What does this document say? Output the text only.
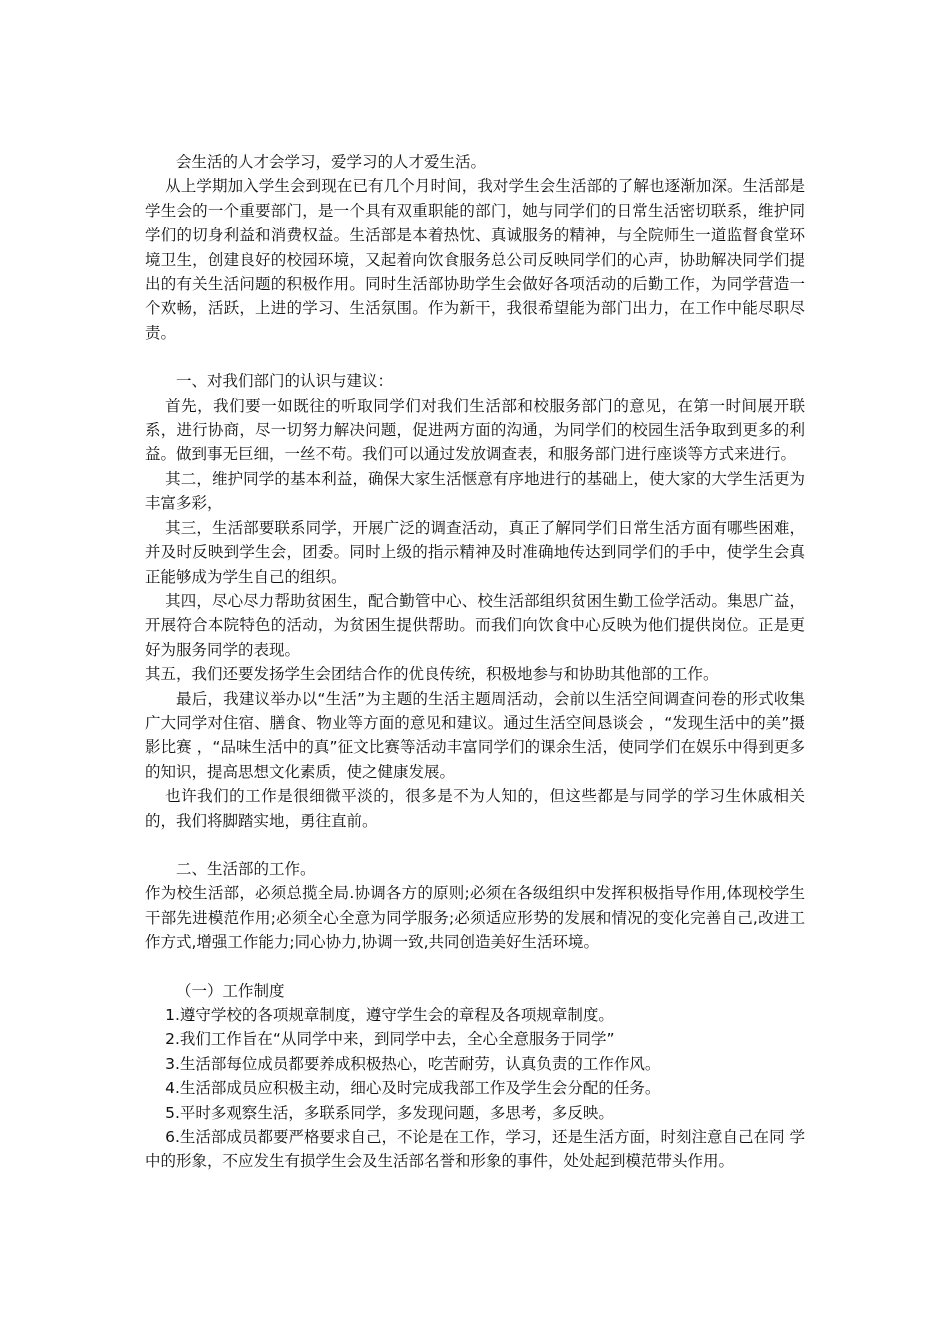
会生活的人才会学习，爱学习的人才爱生活。

从上学期加入学生会到现在已有几个月时间，我对学生会生活部的了解也逐渐加深。生活部是学生会的一个重要部门，是一个具有双重职能的部门，她与同学们的日常生活密切联系，维护同学们的切身利益和消费权益。生活部是本着热忱、真诚服务的精神，与全院师生一道监督食堂环境卫生，创建良好的校园环境，又起着向饮食服务总公司反映同学们的心声，协助解决同学们提出的有关生活问题的积极作用。同时生活部协助学生会做好各项活动的后勤工作，为同学营造一个欢畅，活跃，上进的学习、生活氛围。作为新干，我很希望能为部门出力，在工作中能尽职尽责。

一、对我们部门的认识与建议：

首先，我们要一如既往的听取同学们对我们生活部和校服务部门的意见，在第一时间展开联系，进行协商，尽一切努力解决问题，促进两方面的沟通，为同学们的校园生活争取到更多的利益。做到事无巨细，一丝不苟。我们可以通过发放调查表，和服务部门进行座谈等方式来进行。

其二，维护同学的基本利益，确保大家生活惬意有序地进行的基础上，使大家的大学生活更为丰富多彩，

其三，生活部要联系同学，开展广泛的调查活动，真正了解同学们日常生活方面有哪些困难，并及时反映到学生会，团委。同时上级的指示精神及时准确地传达到同学们的手中，使学生会真正能够成为学生自己的组织。

其四，尽心尽力帮助贫困生，配合勤管中心、校生活部组织贫困生勤工俭学活动。集思广益，开展符合本院特色的活动，为贫困生提供帮助。而我们向饮食中心反映为他们提供岗位。正是更好为服务同学的表现。

其五，我们还要发扬学生会团结合作的优良传统，积极地参与和协助其他部的工作。

最后，我建议举办以“生活”为主题的生活主题周活动，会前以生活空间调查问卷的形式收集广大同学对住宿、膳食、物业等方面的意见和建议。通过生活空间恳谈会 ，“发现生活中的美”摄影比赛 ，“品味生活中的真”征文比赛等活动丰富同学们的课余生活，使同学们在娱乐中得到更多的知识，提高思想文化素质，使之健康发展。

也许我们的工作是很细微平淡的，很多是不为人知的，但这些都是与同学的学习生休戚相关的，我们将脚踏实地，勇往直前。

二、生活部的工作。

作为校生活部，必须总揽全局.协调各方的原则;必须在各级组织中发挥积极指导作用,体现校学生干部先进模范作用;必须全心全意为同学服务;必须适应形势的发展和情况的变化完善自己,改进工作方式,增强工作能力;同心协力,协调一致,共同创造美好生活环境。

（一）工作制度

1.遵守学校的各项规章制度，遵守学生会的章程及各项规章制度。

2.我们工作旨在“从同学中来，到同学中去，全心全意服务于同学”

3.生活部每位成员都要养成积极热心，吃苦耐劳，认真负责的工作作风。

4.生活部成员应积极主动，细心及时完成我部工作及学生会分配的任务。

5.平时多观察生活，多联系同学，多发现问题，多思考，多反映。

6.生活部成员都要严格要求自己，不论是在工作，学习，还是生活方面，时刻注意自己在同 学中的形象，不应发生有损学生会及生活部名誉和形象的事件，处处起到模范带头作用。
